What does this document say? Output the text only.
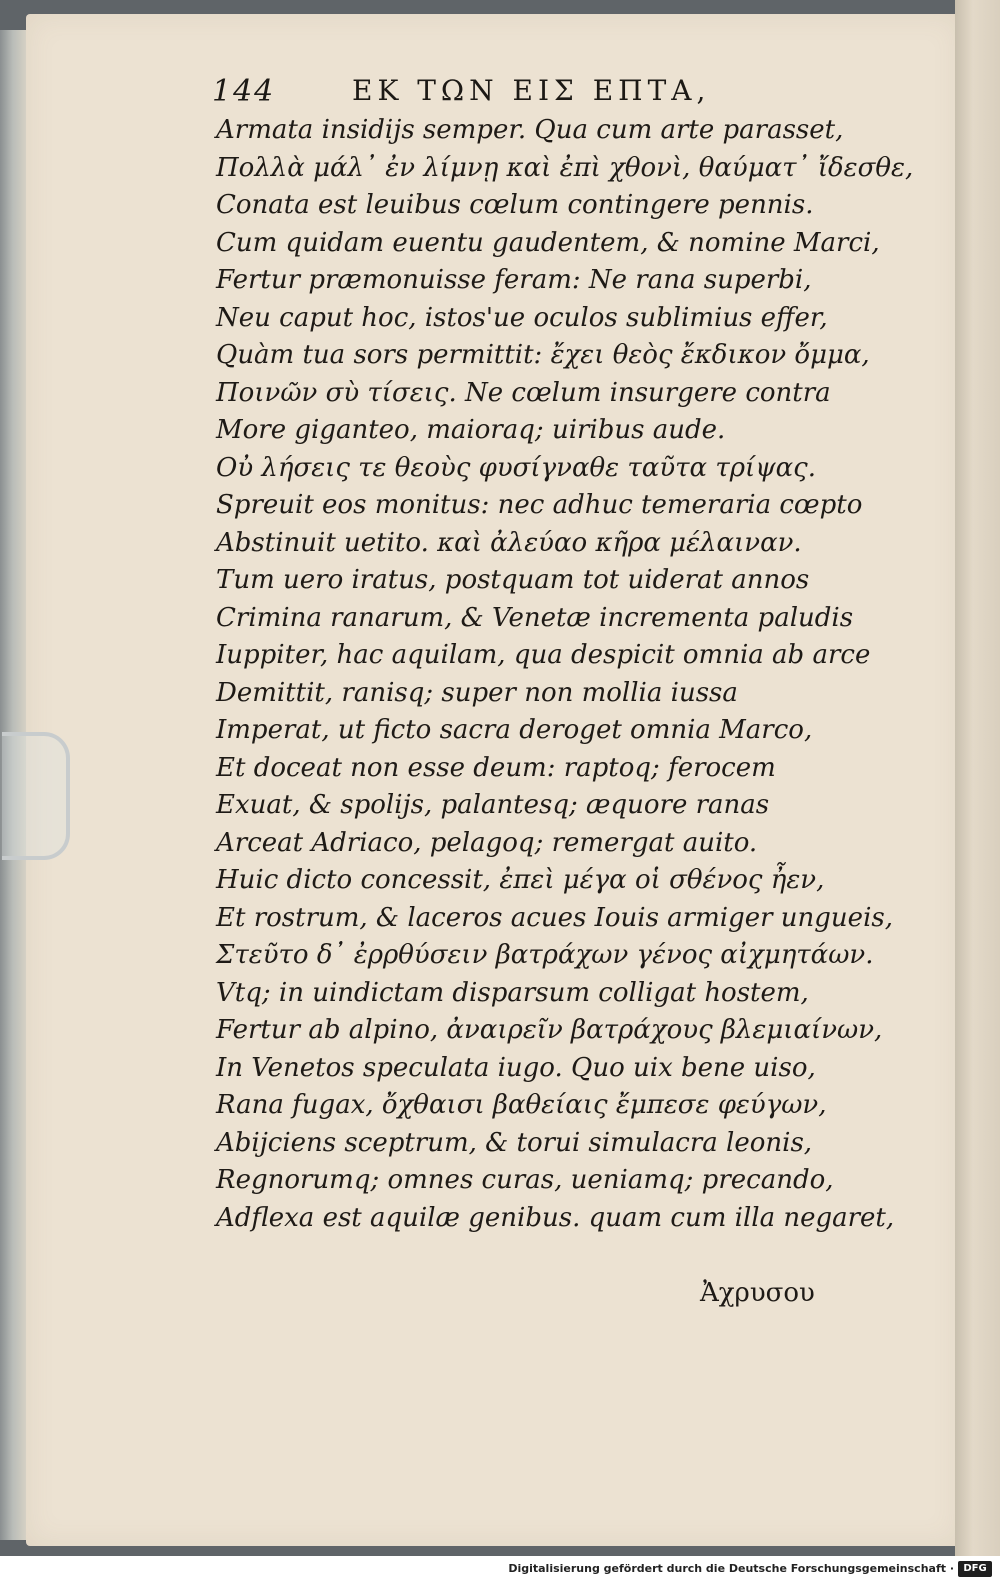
144	ΕΚ ΤΩΝ ΕΙΣ ΕΠΤΑ,
Armata insidijs semper. Qua cum arte parasset,
Πολλὰ μάλ᾽ ἐν λίμνῃ καὶ ἐπὶ χθονὶ, θαύματ᾽ ἴδεσθε,
Conata est leuibus cœlum contingere pennis.
Cum quidam euentu gaudentem, & nomine Marci,
Fertur præmonuisse feram: Ne rana superbi,
Neu caput hoc, istos'ue oculos sublimius effer,
Quàm tua sors permittit: ἔχει θεὸς ἔκδικον ὄμμα,
Ποινῶν σὺ τίσεις. Ne cœlum insurgere contra
More giganteo, maioraq; uiribus aude.
Οὐ λήσεις τε θεοὺς φυσίγναθε ταῦτα τρίψας.
Spreuit eos monitus: nec adhuc temeraria cœpto
Abstinuit uetito. καὶ ἀλεύαο κῆρα μέλαιναν.
Tum uero iratus, postquam tot uiderat annos
Crimina ranarum, & Venetæ incrementa paludis
Iuppiter, hac aquilam, qua despicit omnia ab arce
Demittit, ranisq; super non mollia iussa
Imperat, ut ficto sacra deroget omnia Marco,
Et doceat non esse deum: raptoq; ferocem
Exuat, & spolijs, palantesq; æquore ranas
Arceat Adriaco, pelagoq; remergat auito.
Huic dicto concessit, ἐπεὶ μέγα οἱ σθένος ἦεν,
Et rostrum, & laceros acues Iouis armiger ungueis,
Στεῦτο δ᾽ ἐρρθύσειν βατράχων γένος αἰχμητάων.
Vtq; in uindictam disparsum colligat hostem,
Fertur ab alpino, ἀναιρεῖν βατράχους βλεμιαίνων,
In Venetos speculata iugo. Quo uix bene uiso,
Rana fugax, ὄχθαισι βαθείαις ἔμπεσε φεύγων,
Abijciens sceptrum, & torui simulacra leonis,
Regnorumq; omnes curas, ueniamq; precando,
Adflexa est aquilæ genibus. quam cum illa negaret,
Ἀχρυσου
Digitalisierung gefördert durch die Deutsche Forschungsgemeinschaft · DFG
